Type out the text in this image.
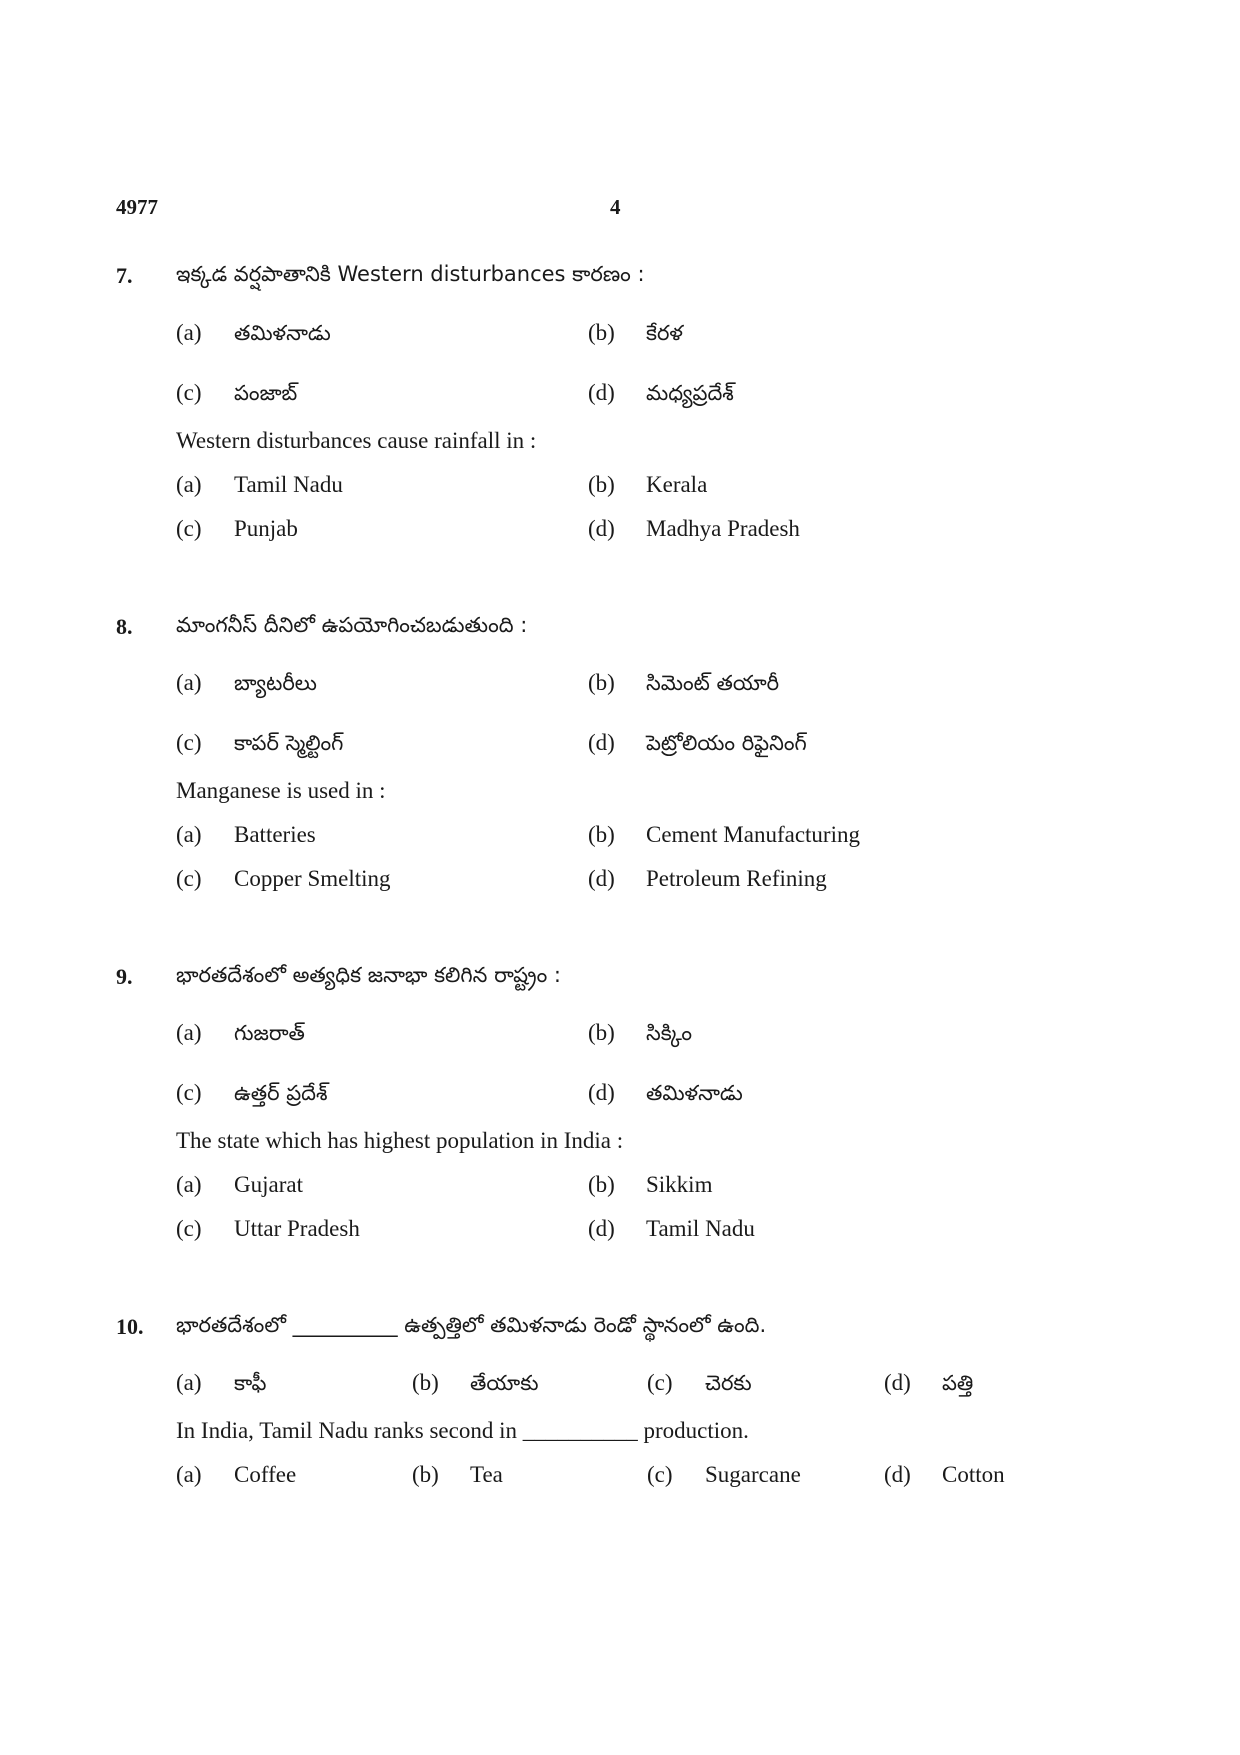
4977	4
7. ఇక్కడ వర్షపాతానికి Western disturbances కారణం :
(a) తమిళనాడు	(b) కేరళ
(c) పంజాబ్	(d) మధ్యప్రదేశ్
Western disturbances cause rainfall in :
(a) Tamil Nadu	(b) Kerala
(c) Punjab	(d) Madhya Pradesh
8. మాంగనీస్ దీనిలో ఉపయోగించబడుతుంది :
(a) బ్యాటరీలు	(b) సిమెంట్ తయారీ
(c) కాపర్ స్మెల్టింగ్	(d) పెట్రోలియం రిఫైనింగ్
Manganese is used in :
(a) Batteries	(b) Cement Manufacturing
(c) Copper Smelting	(d) Petroleum Refining
9. భారతదేశంలో అత్యధిక జనాభా కలిగిన రాష్ట్రం :
(a) గుజరాత్	(b) సిక్కిం
(c) ఉత్తర్ ప్రదేశ్	(d) తమిళనాడు
The state which has highest population in India :
(a) Gujarat	(b) Sikkim
(c) Uttar Pradesh	(d) Tamil Nadu
10. భారతదేశంలో __________ ఉత్పత్తిలో తమిళనాడు రెండో స్థానంలో ఉంది.
(a) కాఫీ	(b) తేయాకు	(c) చెరకు	(d) పత్తి
In India, Tamil Nadu ranks second in __________ production.
(a) Coffee	(b) Tea	(c) Sugarcane	(d) Cotton
